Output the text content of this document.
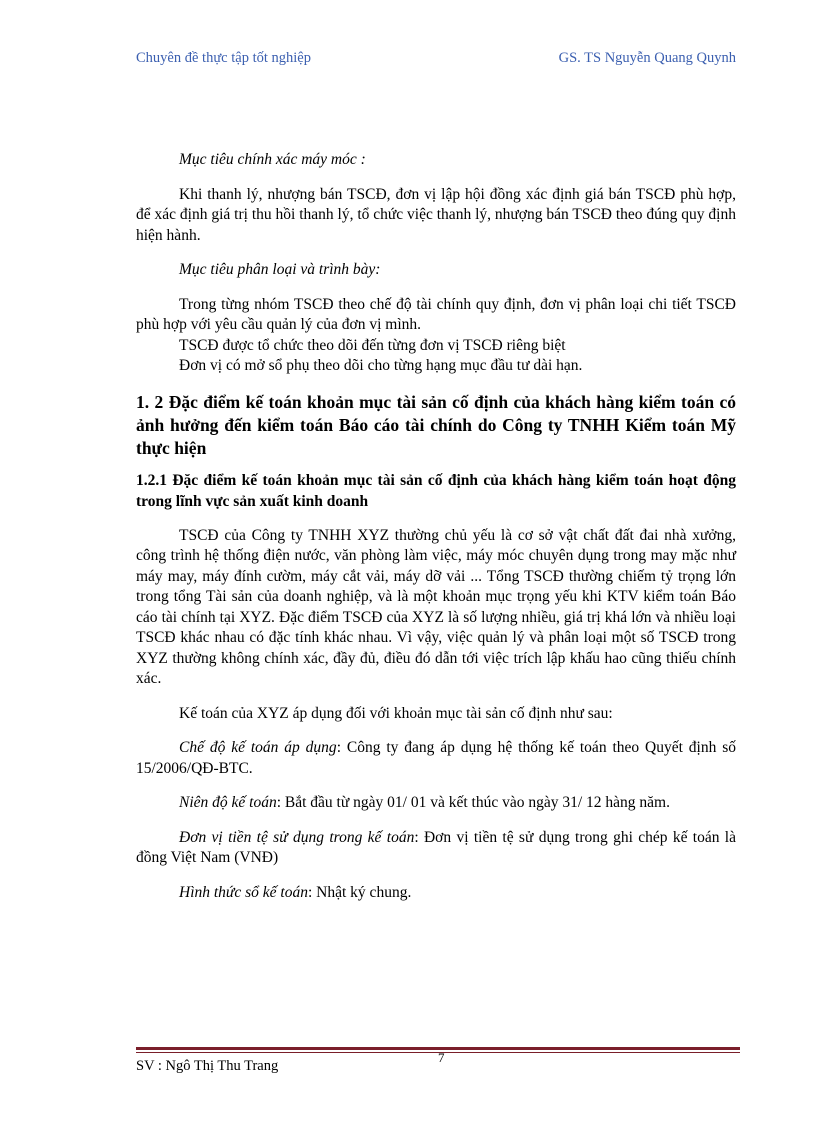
Chuyên đề thực tập tốt nghiệp	GS. TS Nguyễn Quang Quynh

Mục tiêu chính xác máy móc :

Khi thanh lý, nhượng bán TSCĐ, đơn vị lập hội đồng xác định giá bán TSCĐ phù hợp, để xác định giá trị thu hồi thanh lý, tổ chức việc thanh lý, nhượng bán TSCĐ theo đúng quy định hiện hành.

Mục tiêu phân loại và trình bày:

Trong từng nhóm TSCĐ theo chế độ tài chính quy định, đơn vị phân loại chi tiết TSCĐ phù hợp với yêu cầu quản lý của đơn vị mình.

TSCĐ được tổ chức theo dõi đến từng đơn vị TSCĐ riêng biệt

Đơn vị có mở sổ phụ theo dõi cho từng hạng mục đầu tư dài hạn.

1. 2 Đặc điểm kế toán khoản mục tài sản cố định của khách hàng kiểm toán có ảnh hưởng đến kiểm toán Báo cáo tài chính do Công ty TNHH Kiểm toán Mỹ thực hiện
1.2.1 Đặc điểm kế toán khoản mục tài sản cố định của khách hàng kiểm toán hoạt động trong lĩnh vực sản xuất kinh doanh

TSCĐ của Công ty TNHH XYZ thường chủ yếu là cơ sở vật chất đất đai nhà xưởng, công trình hệ thống điện nước, văn phòng làm việc, máy móc chuyên dụng trong may mặc như máy may, máy đính cườm, máy cắt vải, máy dỡ vải ... Tổng TSCĐ thường chiếm tỷ trọng lớn trong tổng Tài sản của doanh nghiệp, và là một khoản mục trọng yếu khi KTV kiểm toán Báo cáo tài chính tại XYZ. Đặc điểm TSCĐ của XYZ là số lượng nhiều, giá trị khá lớn và nhiều loại TSCĐ khác nhau có đặc tính khác nhau. Vì vậy, việc quản lý và phân loại một số TSCĐ trong XYZ thường không chính xác, đầy đủ, điều đó dẫn tới việc trích lập khấu hao cũng thiếu chính xác.

Kế toán của XYZ áp dụng đối với khoản mục tài sản cố định như sau:

Chế độ kế toán áp dụng: Công ty đang áp dụng hệ thống kế toán theo Quyết định số 15/2006/QĐ-BTC.

Niên độ kế toán: Bắt đầu từ ngày 01/ 01 và kết thúc vào ngày 31/ 12 hàng năm.

Đơn vị tiền tệ sử dụng trong kế toán: Đơn vị tiền tệ sử dụng trong ghi chép kế toán là đồng Việt Nam (VNĐ)

Hình thức sổ kế toán: Nhật ký chung.

7
SV : Ngô Thị Thu Trang
